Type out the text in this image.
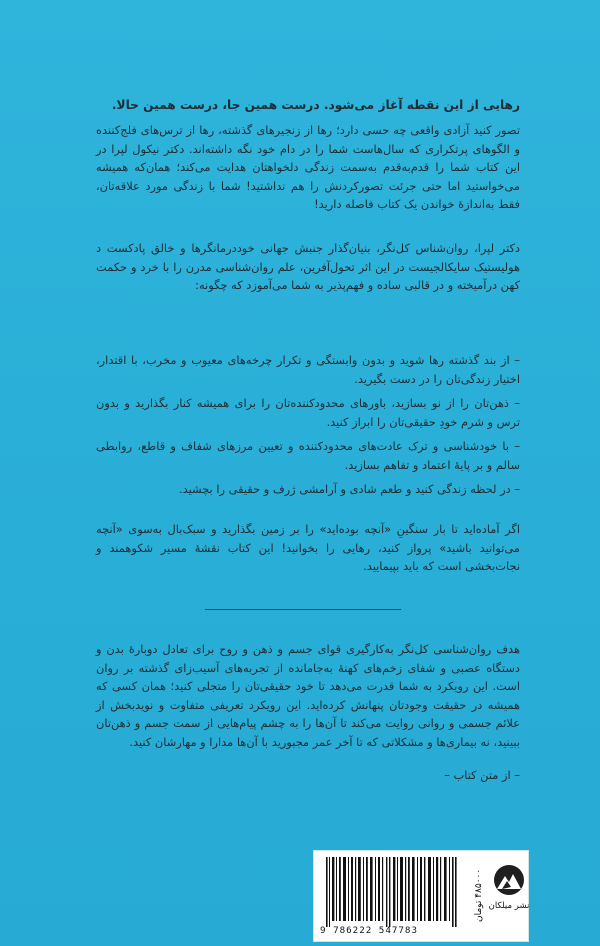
رهایی از این نقطه آغاز می‌شود. درست همین جا، درست همین حالا.
تصور کنید آزادی واقعی چه حسی دارد؛ رها از زنجیرهای گذشته، رها از ترس‌های فلج‌کننده و الگوهای پرتکراری که سال‌هاست شما را در دام خود نگه داشته‌اند. دکتر نیکول لپرا در این کتاب شما را قدم‌به‌قدم به‌سمت زندگی دلخواهتان هدایت می‌کند؛ همان‌که همیشه می‌خواستید اما حتی جرئت تصورکردنش را هم نداشتید! شما با زندگی مورد علاقه‌تان، فقط به‌اندازهٔ خواندن یک کتاب فاصله دارید!
دکتر لپرا، روان‌شناس کل‌نگر، بنیان‌گذار جنبش جهانی خوددرمانگرها و خالق پادکست د هولیستیک سایکالجیست در این اثر تحول‌آفرین، علم روان‌شناسی مدرن را با خرد و حکمت کهن درآمیخته و در قالبی ساده و فهم‌پذیر به شما می‌آموزد که چگونه:
– از بند گذشته رها شوید و بدون وابستگی و تکرار چرخه‌های معیوب و مخرب، با اقتدار، اختیار زندگی‌تان را در دست بگیرید.
– ذهن‌تان را از نو بسازید، باورهای محدودکننده‌تان را برای همیشه کنار بگذارید و بدون ترس و شرم خودِ حقیقی‌تان را ابراز کنید.
– با خودشناسی و ترک عادت‌های محدودکننده و تعیین مرزهای شفاف و قاطع، روابطی سالم و بر پایهٔ اعتماد و تفاهم بسازید.
– در لحظه زندگی کنید و طعم شادی و آرامشی ژرف و حقیقی را بچشید.
اگر آماده‌اید تا بار سنگینِ «آنچه بوده‌اید» را بر زمین بگذارید و سبک‌بال به‌سوی «آنچه می‌توانید باشید» پرواز کنید، رهایی را بخوانید! این کتاب نقشهٔ مسیر شکوهمند و نجات‌بخشی است که باید بپیمایید.
هدف روان‌شناسی کل‌نگر به‌کارگیری قوای جسم و ذهن و روح برای تعادل دوبارهٔ بدن و دستگاه عصبی و شفای زخم‌های کهنهٔ به‌جامانده از تجربه‌های آسیب‌زای گذشته بر روان است. این رویکرد به شما قدرت می‌دهد تا خود حقیقی‌تان را متجلی کنید؛ همان کسی که همیشه در حقیقت وجودتان پنهانش کرده‌اید. این رویکرد تعریفی متفاوت و نویدبخش از علائم جسمی و روانی روایت می‌کند تا آن‌ها را به چشم پیام‌هایی از سمت جسم و ذهن‌تان ببینید، نه بیماری‌ها و مشکلاتی که تا آخر عمر مجبورید با آن‌ها مدارا و مهارشان کنید.
– از متن کتاب –
9 786222 547783
۴۸۵۰۰۰ تومان
نشر میلکان
